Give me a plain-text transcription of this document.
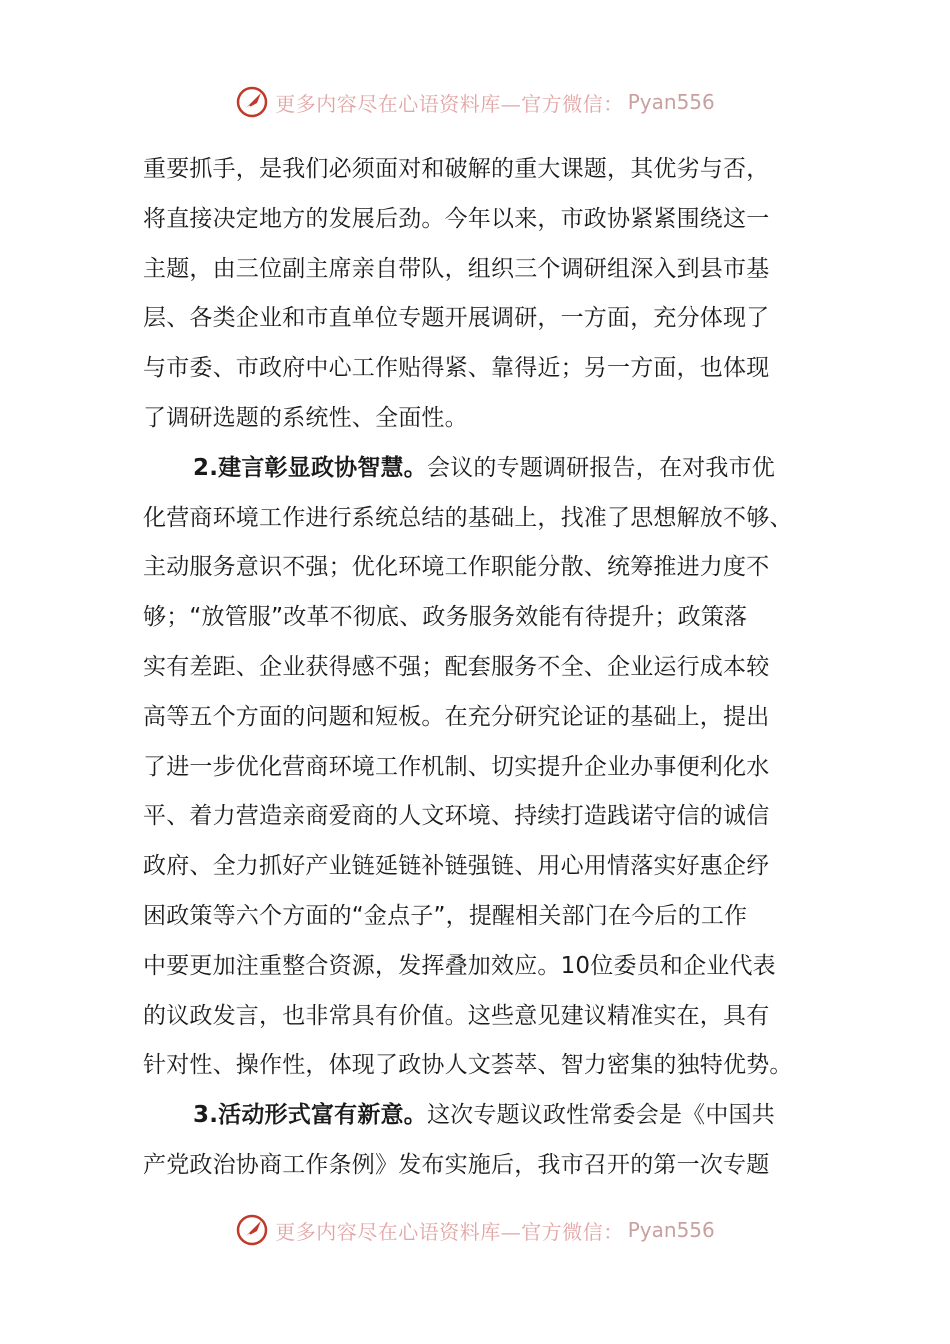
更多内容尽在心语资料库—官方微信： Pyan556
重要抓手，是我们必须面对和破解的重大课题，其优劣与否，
将直接决定地方的发展后劲。今年以来，市政协紧紧围绕这一
主题，由三位副主席亲自带队，组织三个调研组深入到县市基
层、各类企业和市直单位专题开展调研，一方面，充分体现了
与市委、市政府中心工作贴得紧、靠得近；另一方面，也体现
了调研选题的系统性、全面性。
2.建言彰显政协智慧。会议的专题调研报告，在对我市优
化营商环境工作进行系统总结的基础上，找准了思想解放不够、
主动服务意识不强；优化环境工作职能分散、统筹推进力度不
够；“放管服”改革不彻底、政务服务效能有待提升；政策落
实有差距、企业获得感不强；配套服务不全、企业运行成本较
高等五个方面的问题和短板。在充分研究论证的基础上，提出
了进一步优化营商环境工作机制、切实提升企业办事便利化水
平、着力营造亲商爱商的人文环境、持续打造践诺守信的诚信
政府、全力抓好产业链延链补链强链、用心用情落实好惠企纾
困政策等六个方面的“金点子”，提醒相关部门在今后的工作
中要更加注重整合资源，发挥叠加效应。10位委员和企业代表
的议政发言，也非常具有价值。这些意见建议精准实在，具有
针对性、操作性，体现了政协人文荟萃、智力密集的独特优势。
3.活动形式富有新意。这次专题议政性常委会是《中国共
产党政治协商工作条例》发布实施后，我市召开的第一次专题
更多内容尽在心语资料库—官方微信： Pyan556
